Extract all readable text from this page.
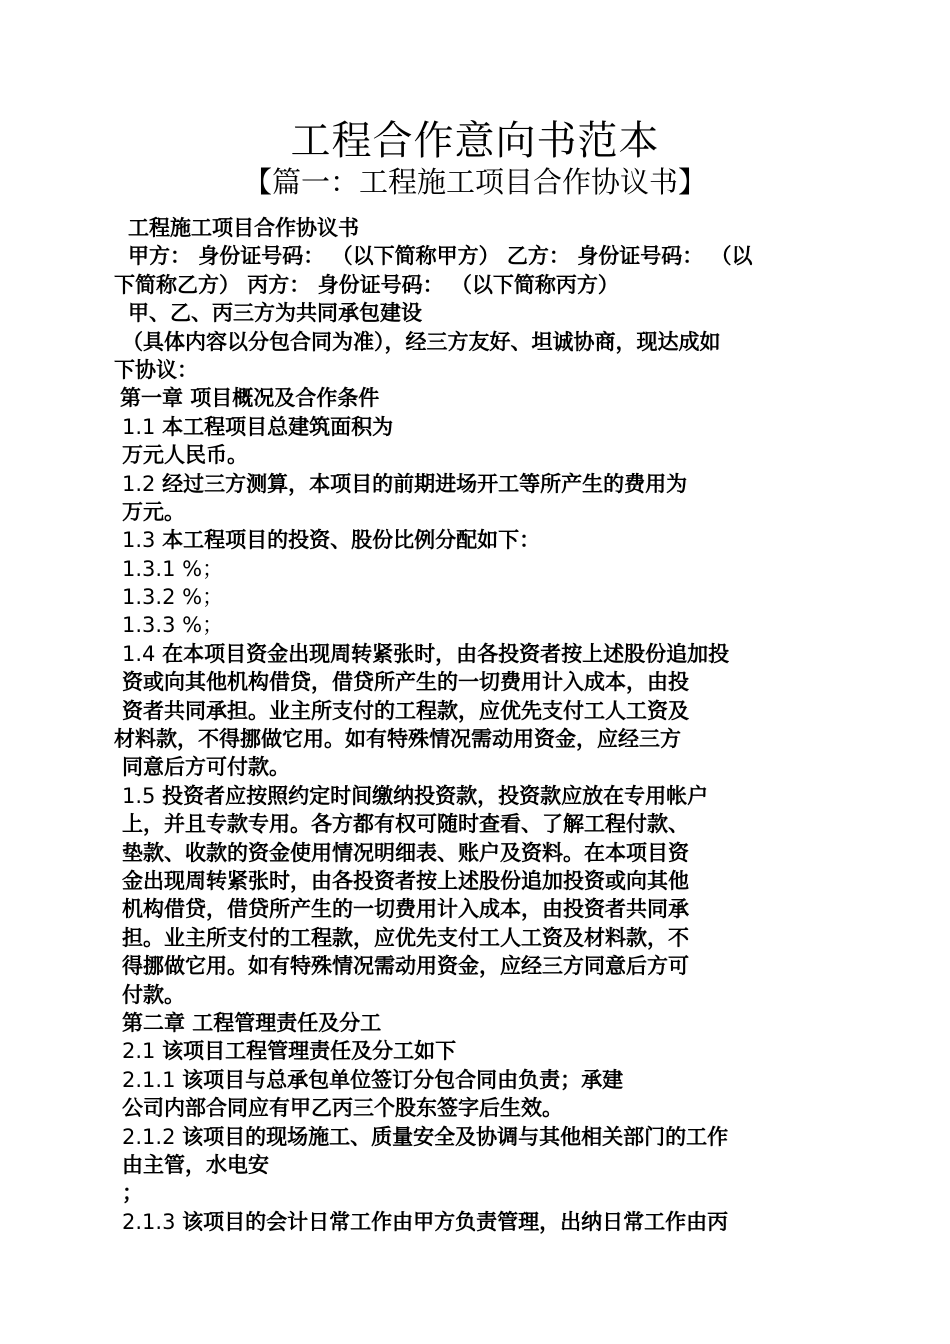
工程合作意向书范本
【篇一：工程施工项目合作协议书】
工程施工项目合作协议书
甲方： 身份证号码： （以下简称甲方） 乙方： 身份证号码： （以
下简称乙方） 丙方： 身份证号码： （以下简称丙方）
甲、乙、丙三方为共同承包建设
（具体内容以分包合同为准），经三方友好、坦诚协商，现达成如
下协议：
第一章 项目概况及合作条件
1.1 本工程项目总建筑面积为
万元人民币。
1.2 经过三方测算，本项目的前期进场开工等所产生的费用为
万元。
1.3 本工程项目的投资、股份比例分配如下：
1.3.1 %；
1.3.2 %；
1.3.3 %；
1.4 在本项目资金出现周转紧张时，由各投资者按上述股份追加投
资或向其他机构借贷，借贷所产生的一切费用计入成本，由投
资者共同承担。业主所支付的工程款，应优先支付工人工资及
材料款，不得挪做它用。如有特殊情况需动用资金，应经三方
同意后方可付款。
1.5 投资者应按照约定时间缴纳投资款，投资款应放在专用帐户
上，并且专款专用。各方都有权可随时查看、了解工程付款、
垫款、收款的资金使用情况明细表、账户及资料。在本项目资
金出现周转紧张时，由各投资者按上述股份追加投资或向其他
机构借贷，借贷所产生的一切费用计入成本，由投资者共同承
担。业主所支付的工程款，应优先支付工人工资及材料款，不
得挪做它用。如有特殊情况需动用资金，应经三方同意后方可
付款。
第二章 工程管理责任及分工
2.1 该项目工程管理责任及分工如下
2.1.1 该项目与总承包单位签订分包合同由负责；承建
公司内部合同应有甲乙丙三个股东签字后生效。
2.1.2 该项目的现场施工、质量安全及协调与其他相关部门的工作
由主管，水电安
；
2.1.3 该项目的会计日常工作由甲方负责管理，出纳日常工作由丙
